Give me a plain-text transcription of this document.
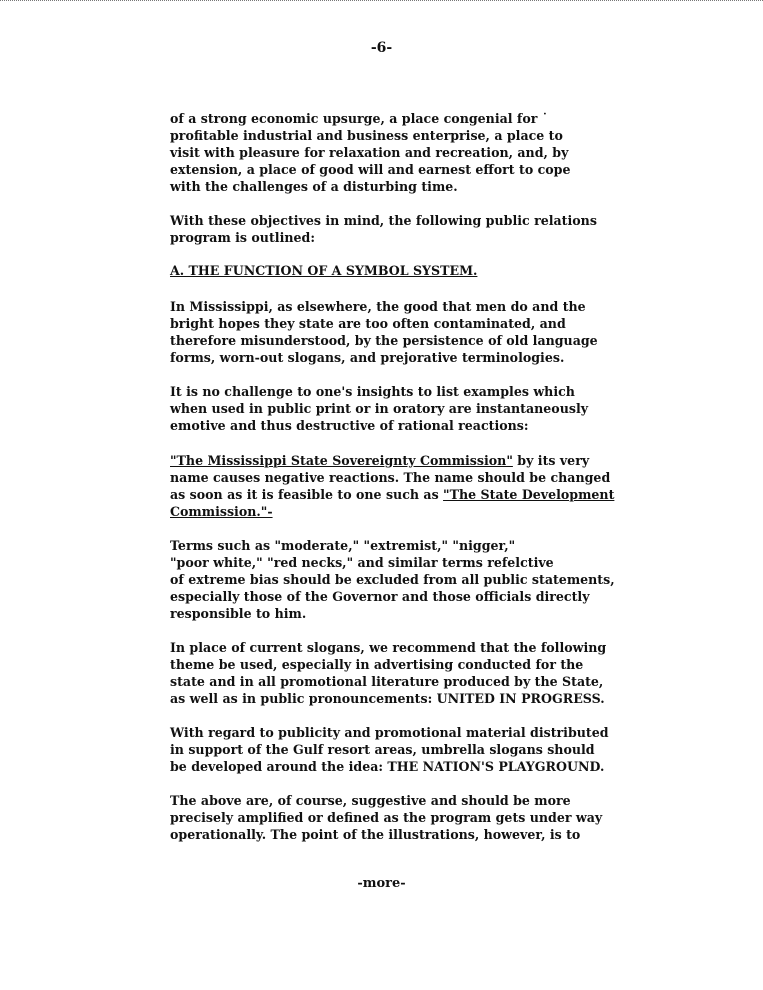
-6-

of a strong economic upsurge, a place congenial for ˙

profitable industrial and business enterprise, a place to

visit with pleasure for relaxation and recreation, and, by

extension, a place of good will and earnest effort to cope

with the challenges of a disturbing time.

With these objectives in mind, the following public relations

program is outlined:

A. THE FUNCTION OF A SYMBOL SYSTEM.

In Mississippi, as elsewhere, the good that men do and the

bright hopes they state are too often contaminated, and

therefore misunderstood, by the persistence of old language

forms, worn-out slogans, and prejorative terminologies.

It is no challenge to one's insights to list examples which

when used in public print or in oratory are instantaneously

emotive and thus destructive of rational reactions:

"The Mississippi State Sovereignty Commission" by its very

name causes negative reactions. The name should be changed

as soon as it is feasible to one such as "The State Development

Commission."-

Terms such as "moderate," "extremist," "nigger,"

"poor white," "red necks," and similar terms refelctive

of extreme bias should be excluded from all public statements,

especially those of the Governor and those officials directly

responsible to him.

In place of current slogans, we recommend that the following

theme be used, especially in advertising conducted for the

state and in all promotional literature produced by the State,

as well as in public pronouncements: UNITED IN PROGRESS.

With regard to publicity and promotional material distributed

in support of the Gulf resort areas, umbrella slogans should

be developed around the idea: THE NATION'S PLAYGROUND.

The above are, of course, suggestive and should be more

precisely amplified or defined as the program gets under way

operationally. The point of the illustrations, however, is to

-more-
